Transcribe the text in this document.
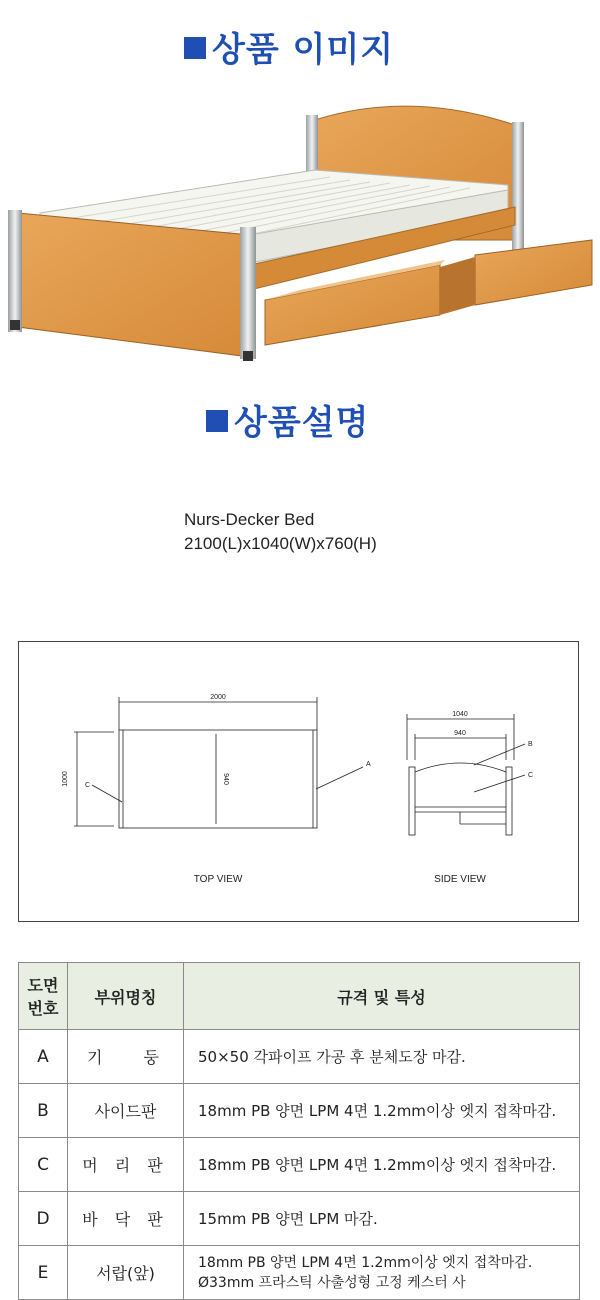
상품 이미지
상품설명
Nurs-Decker Bed
2100(L)x1040(W)x760(H)
2000
1000	940
C
A
TOP VIEW
1040
940
B
C
SIDE VIEW
도면
번호	부위명칭	규격 및 특성
A	기 둥	50×50 각파이프 가공 후 분체도장 마감.
B	사이드판	18mm PB 양면 LPM 4면 1.2mm이상 엣지 접착마감.
C	머 리 판	18mm PB 양면 LPM 4면 1.2mm이상 엣지 접착마감.
D	바 닥 판	15mm PB 양면 LPM 마감.
E	서랍(앞)	18mm PB 양면 LPM 4면 1.2mm이상 엣지 접착마감.
Ø33mm 프라스틱 사출성형 고정 케스터 사
